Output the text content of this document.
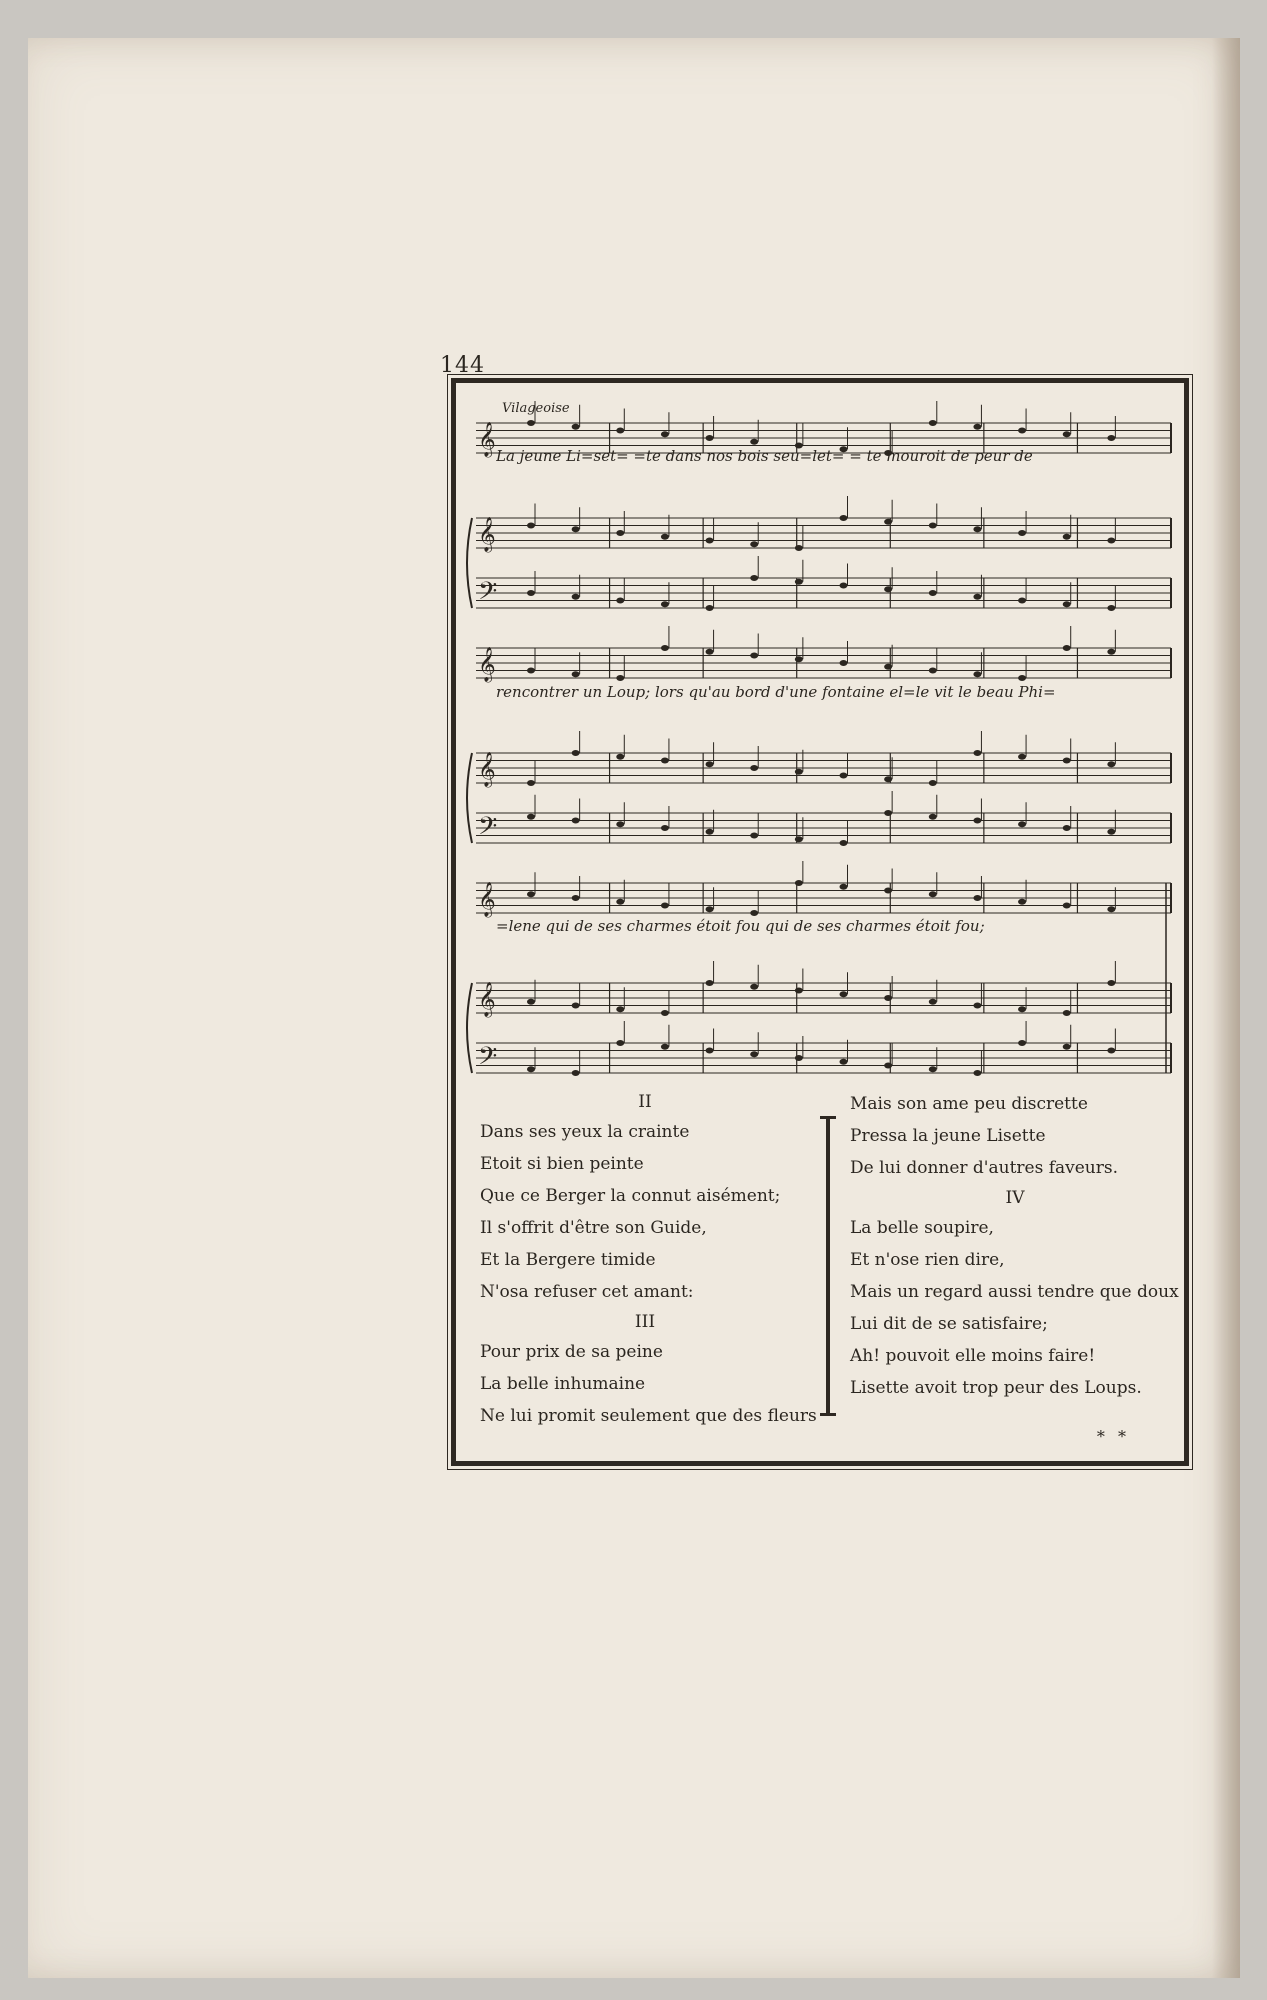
144
𝄞
𝄞
𝄢
𝄞
𝄞
𝄢
𝄞
𝄞
𝄢
Vilageoise
La jeune Li=set= =te dans nos bois seu=let= = te mouroit de peur de
rencontrer un Loup; lors qu'au bord d'une fontaine el=le vit le beau Phi=
=lene qui de ses charmes étoit fou qui de ses charmes étoit fou;
II
Dans ses yeux la crainte
Etoit si bien peinte
Que ce Berger la connut aisément;
Il s'offrit d'être son Guide,
Et la Bergere timide
N'osa refuser cet amant:
III
Pour prix de sa peine
La belle inhumaine
Ne lui promit seulement que des fleurs
Mais son ame peu discrette
Pressa la jeune Lisette
De lui donner d'autres faveurs.
IV
La belle soupire,
Et n'ose rien dire,
Mais un regard aussi tendre que doux
Lui dit de se satisfaire;
Ah! pouvoit elle moins faire!
Lisette avoit trop peur des Loups.
* *
